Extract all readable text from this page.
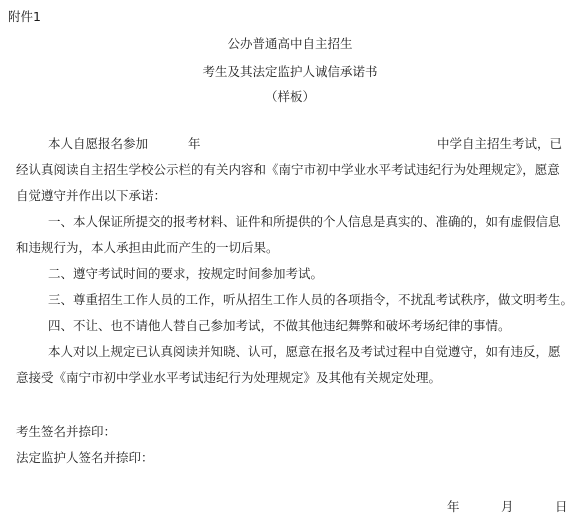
附件1
公办普通高中自主招生
考生及其法定监护人诚信承诺书
（样板）
本人自愿报名参加	年	中学自主招生考试，已
经认真阅读自主招生学校公示栏的有关内容和《南宁市初中学业水平考试违纪行为处理规定》，愿意自觉遵守并作出以下承诺：
一、本人保证所提交的报考材料、证件和所提供的个人信息是真实的、准确的，如有虚假信息和违规行为，本人承担由此而产生的一切后果。
二、遵守考试时间的要求，按规定时间参加考试。
三、尊重招生工作人员的工作，听从招生工作人员的各项指令，不扰乱考试秩序，做文明考生。
四、不让、也不请他人替自己参加考试，不做其他违纪舞弊和破坏考场纪律的事情。
本人对以上规定已认真阅读并知晓、认可，愿意在报名及考试过程中自觉遵守，如有违反，愿意接受《南宁市初中学业水平考试违纪行为处理规定》及其他有关规定处理。
考生签名并捺印：
法定监护人签名并捺印：
年	月	日
